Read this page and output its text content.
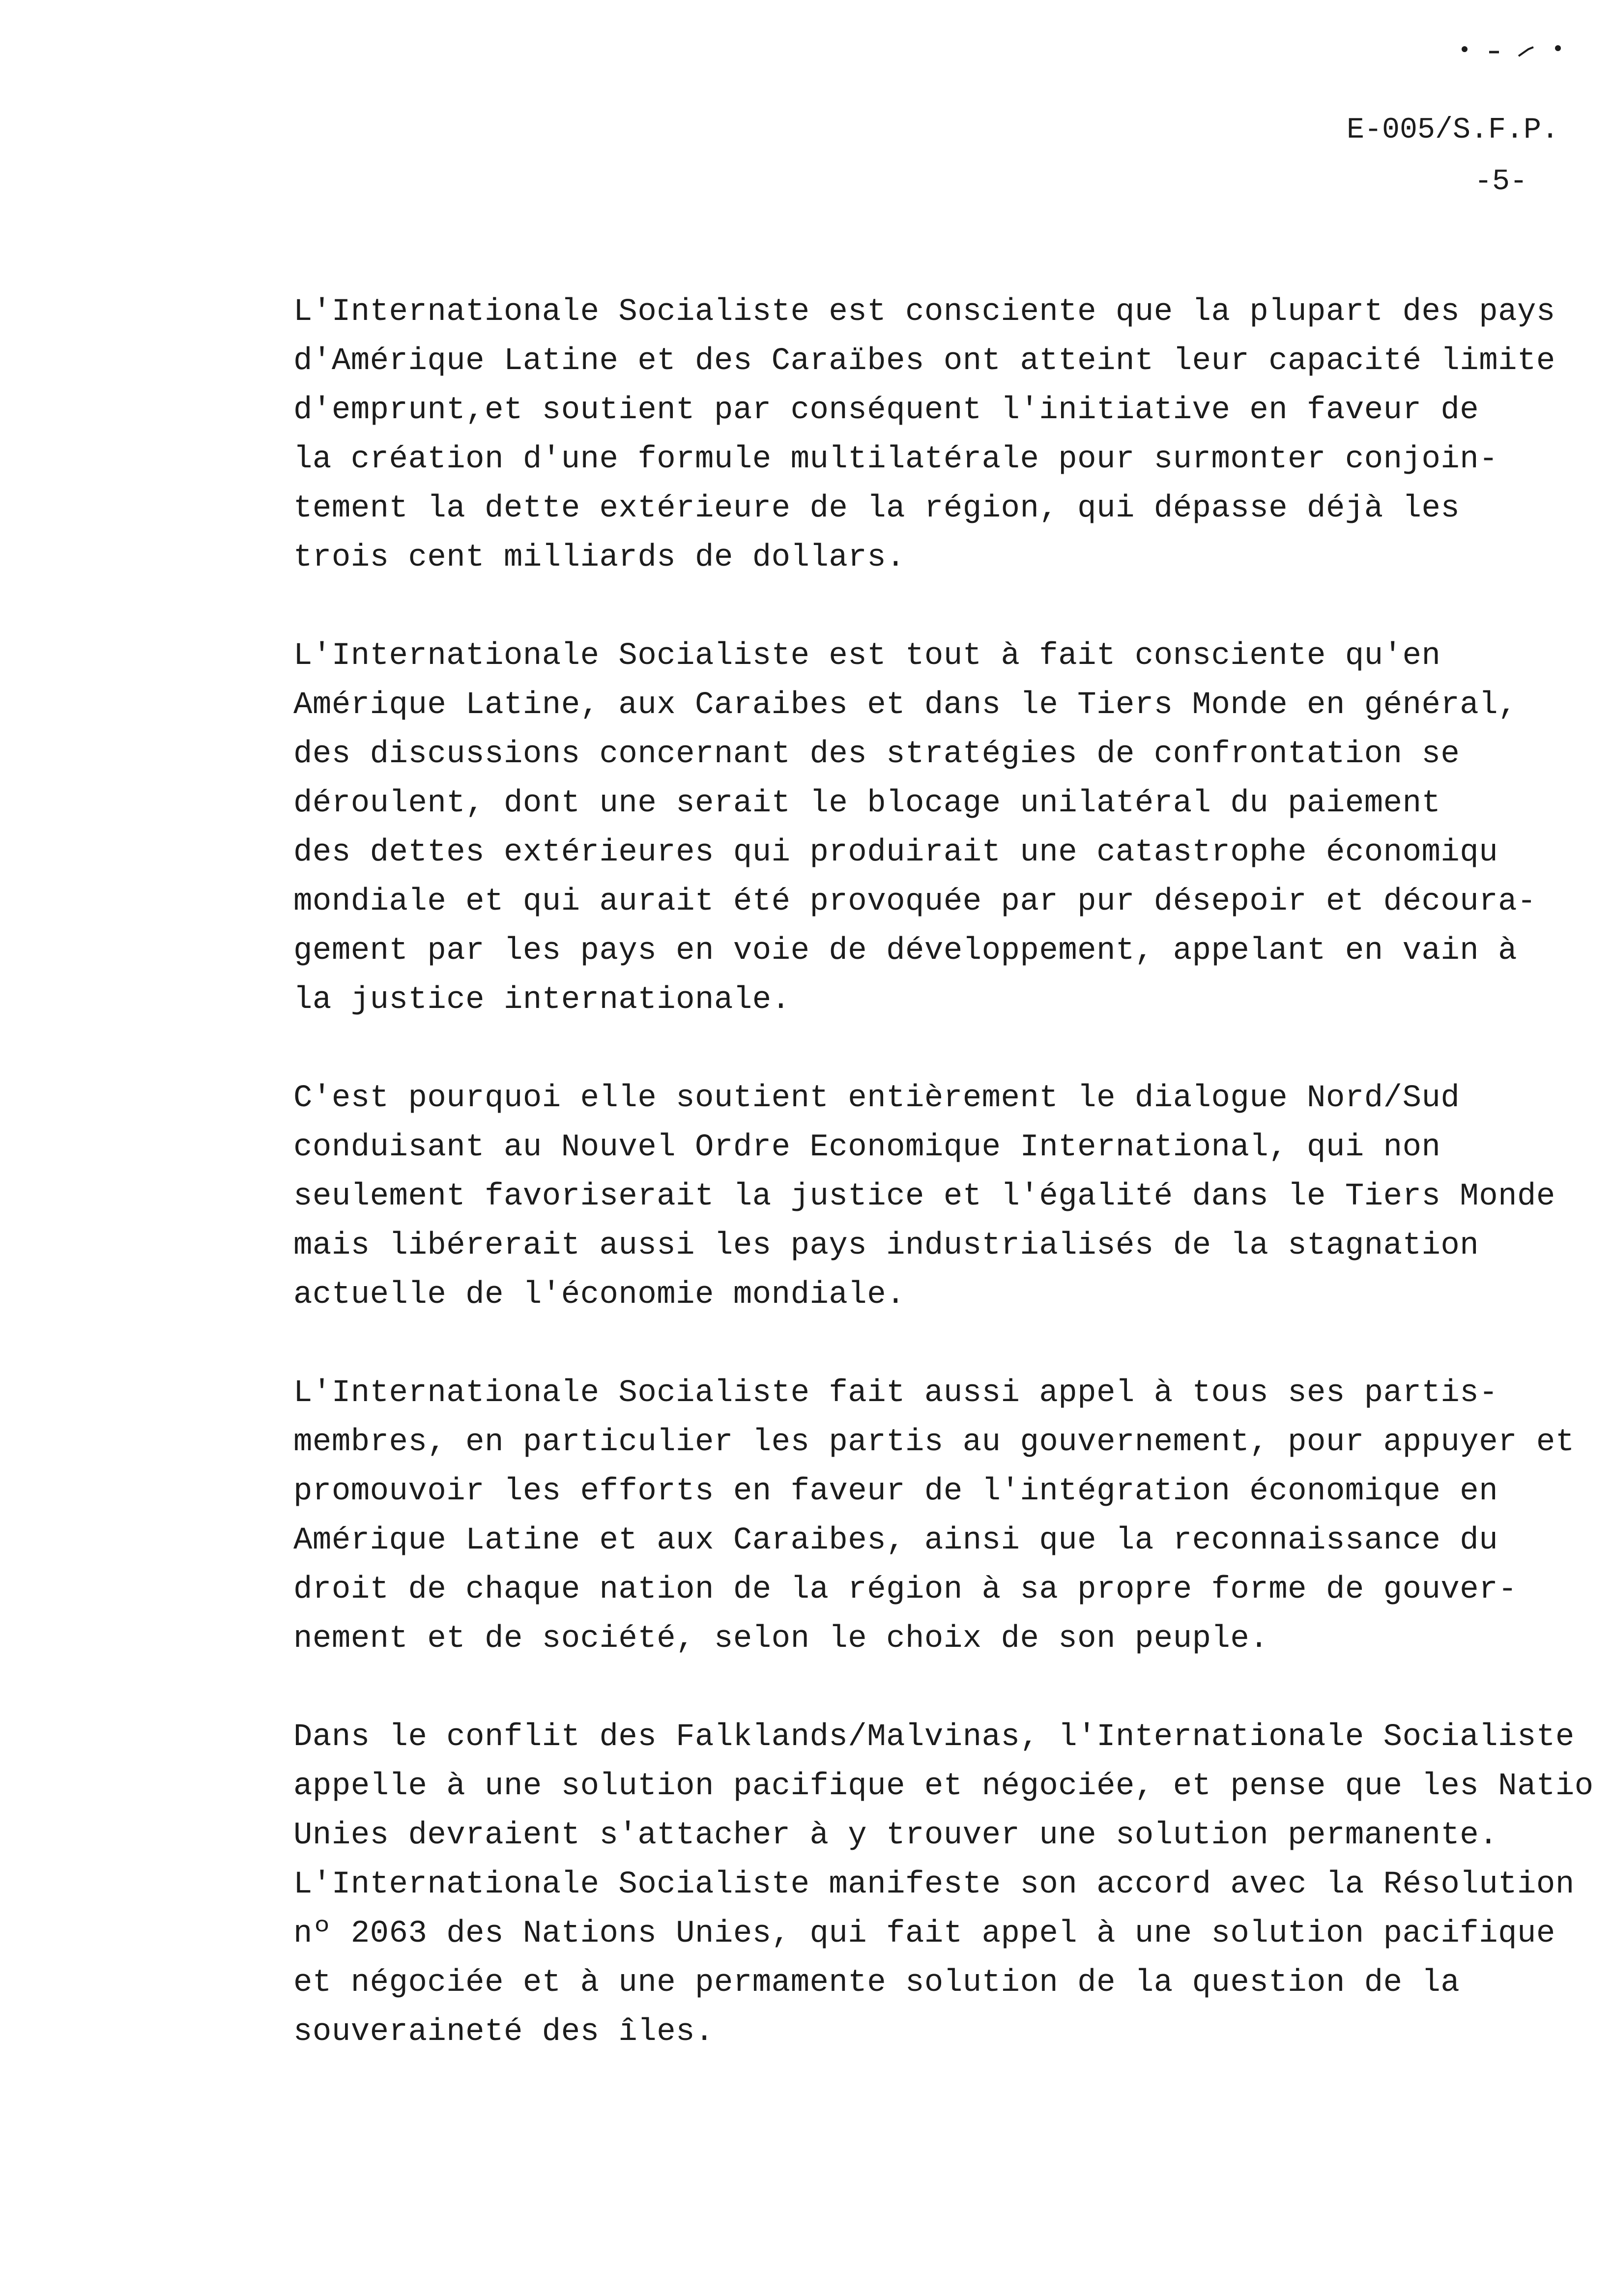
E-005/S.F.P.
-5-
L'Internationale Socialiste est consciente que la plupart des pays
d'Amérique Latine et des Caraïbes ont atteint leur capacité limite
d'emprunt,et soutient par conséquent l'initiative en faveur de
la création d'une formule multilatérale pour surmonter conjoin-
tement la dette extérieure de la région, qui dépasse déjà les
trois cent milliards de dollars.
L'Internationale Socialiste est tout à fait consciente qu'en
Amérique Latine, aux Caraibes et dans le Tiers Monde en général,
des discussions concernant des stratégies de confrontation se
déroulent, dont une serait le blocage unilatéral du paiement
des dettes extérieures qui produirait une catastrophe économiqu
mondiale et qui aurait été provoquée par pur désepoir et découra-
gement par les pays en voie de développement, appelant en vain à
la justice internationale.
C'est pourquoi elle soutient entièrement le dialogue Nord/Sud
conduisant au Nouvel Ordre Economique International, qui non
seulement favoriserait la justice et l'égalité dans le Tiers Monde
mais libérerait aussi les pays industrialisés de la stagnation
actuelle de l'économie mondiale.
L'Internationale Socialiste fait aussi appel à tous ses partis-
membres, en particulier les partis au gouvernement, pour appuyer et
promouvoir les efforts en faveur de l'intégration économique en
Amérique Latine et aux Caraibes, ainsi que la reconnaissance du
droit de chaque nation de la région à sa propre forme de gouver-
nement et de société, selon le choix de son peuple.
Dans le conflit des Falklands/Malvinas, l'Internationale Socialiste
appelle à une solution pacifique et négociée, et pense que les Natio
Unies devraient s'attacher à y trouver une solution permanente.
L'Internationale Socialiste manifeste son accord avec la Résolution
nº 2063 des Nations Unies, qui fait appel à une solution pacifique
et négociée et à une permamente solution de la question de la
souveraineté des îles.
